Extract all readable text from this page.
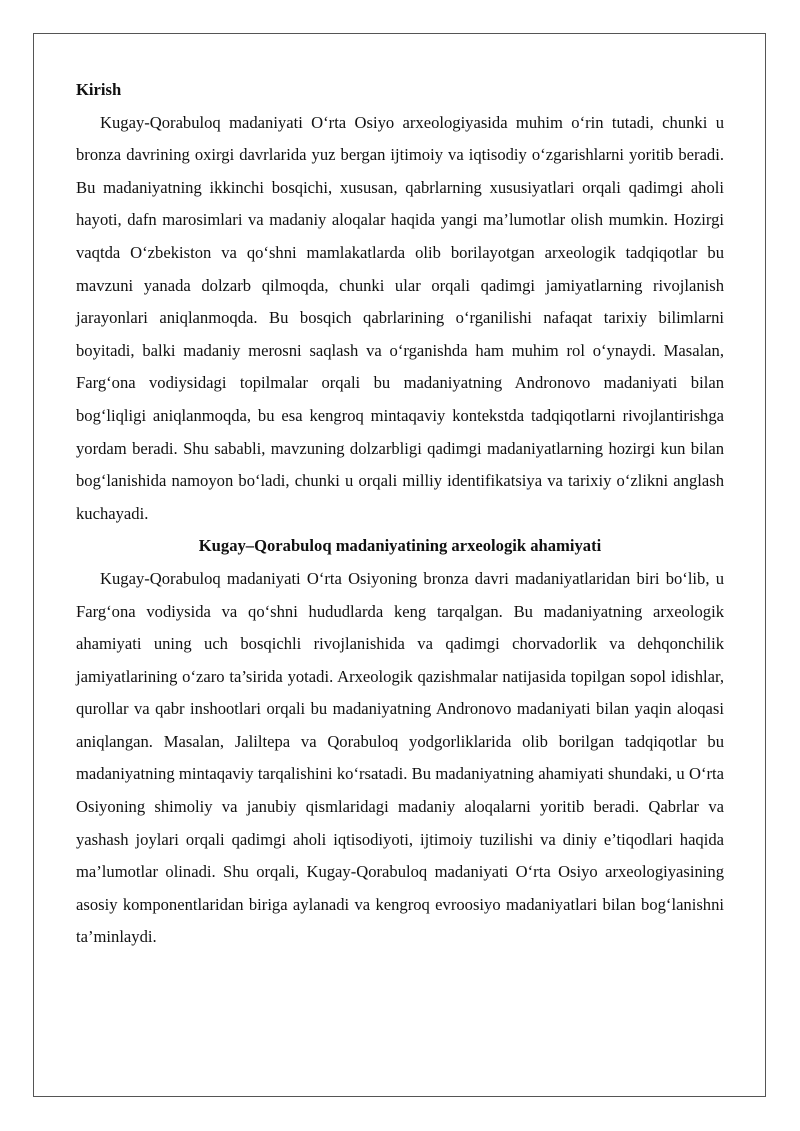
Kirish

Kugay-Qorabuloq madaniyati O‘rta Osiyo arxeologiyasida muhim o‘rin tutadi, chunki u bronza davrining oxirgi davrlarida yuz bergan ijtimoiy va iqtisodiy o‘zgarishlarni yoritib beradi. Bu madaniyatning ikkinchi bosqichi, xususan, qabrlarning xususiyatlari orqali qadimgi aholi hayoti, dafn marosimlari va madaniy aloqalar haqida yangi ma’lumotlar olish mumkin. Hozirgi vaqtda O‘zbekiston va qo‘shni mamlakatlarda olib borilayotgan arxeologik tadqiqotlar bu mavzuni yanada dolzarb qilmoqda, chunki ular orqali qadimgi jamiyatlarning rivojlanish jarayonlari aniqlanmoqda. Bu bosqich qabrlarining o‘rganilishi nafaqat tarixiy bilimlarni boyitadi, balki madaniy merosni saqlash va o‘rganishda ham muhim rol o‘ynaydi. Masalan, Farg‘ona vodiysidagi topilmalar orqali bu madaniyatning Andronovo madaniyati bilan bog‘liqligi aniqlanmoqda, bu esa kengroq mintaqaviy kontekstda tadqiqotlarni rivojlantirishga yordam beradi. Shu sababli, mavzuning dolzarbligi qadimgi madaniyatlarning hozirgi kun bilan bog‘lanishida namoyon bo‘ladi, chunki u orqali milliy identifikatsiya va tarixiy o‘zlikni anglash kuchayadi.

Kugay–Qorabuloq madaniyatining arxeologik ahamiyati

Kugay-Qorabuloq madaniyati O‘rta Osiyoning bronza davri madaniyatlaridan biri bo‘lib, u Farg‘ona vodiysida va qo‘shni hududlarda keng tarqalgan. Bu madaniyatning arxeologik ahamiyati uning uch bosqichli rivojlanishida va qadimgi chorvadorlik va dehqonchilik jamiyatlarining o‘zaro ta’sirida yotadi. Arxeologik qazishmalar natijasida topilgan sopol idishlar, qurollar va qabr inshootlari orqali bu madaniyatning Andronovo madaniyati bilan yaqin aloqasi aniqlangan. Masalan, Jaliltepa va Qorabuloq yodgorliklarida olib borilgan tadqiqotlar bu madaniyatning mintaqaviy tarqalishini ko‘rsatadi. Bu madaniyatning ahamiyati shundaki, u O‘rta Osiyoning shimoliy va janubiy qismlaridagi madaniy aloqalarni yoritib beradi. Qabrlar va yashash joylari orqali qadimgi aholi iqtisodiyoti, ijtimoiy tuzilishi va diniy e’tiqodlari haqida ma’lumotlar olinadi. Shu orqali, Kugay-Qorabuloq madaniyati O‘rta Osiyo arxeologiyasining asosiy komponentlaridan biriga aylanadi va kengroq evroosiyo madaniyatlari bilan bog‘lanishni ta’minlaydi.
